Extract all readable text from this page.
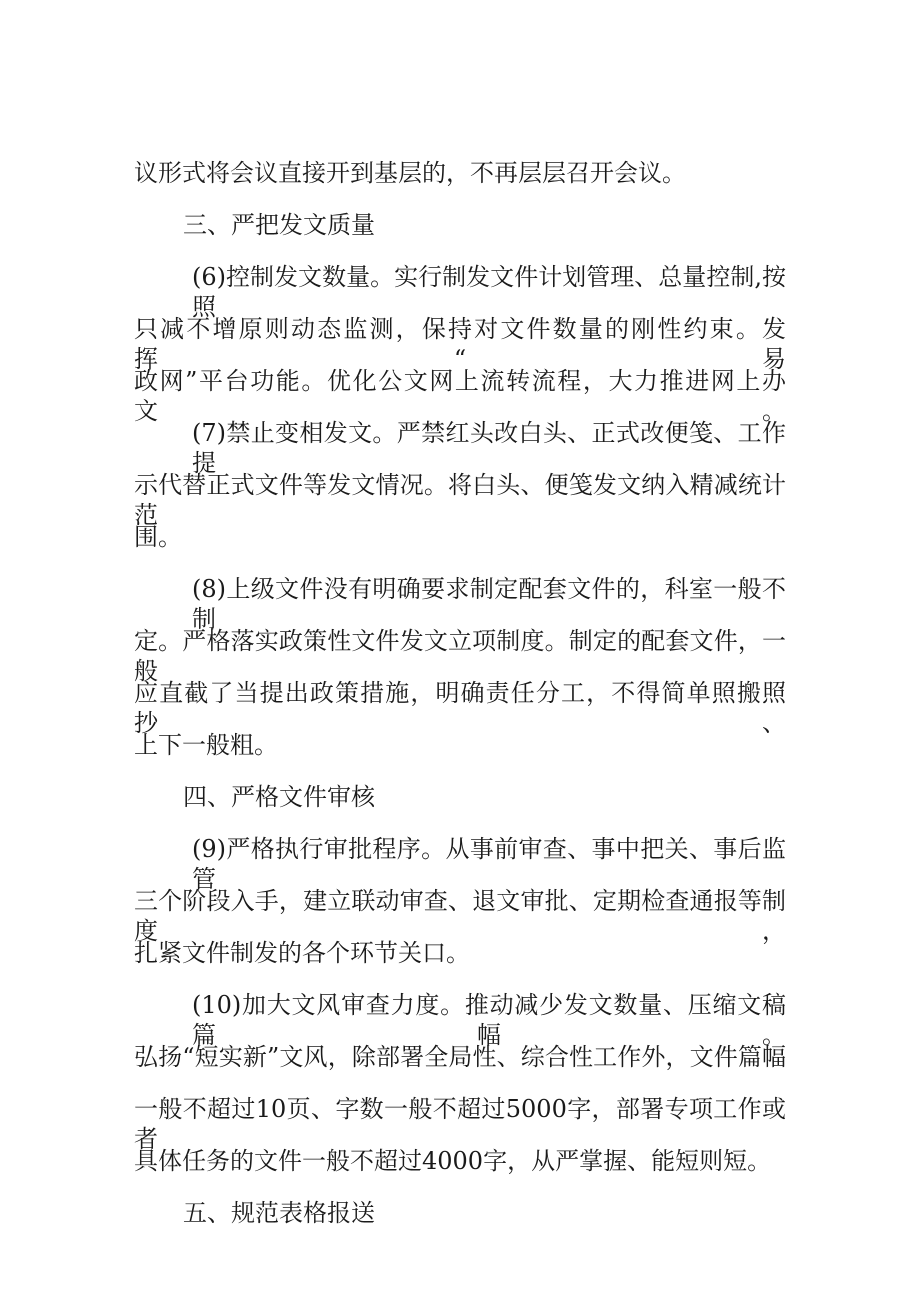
议形式将会议直接开到基层的，不再层层召开会议。

三、严把发文质量

(6)控制发文数量。实行制发文件计划管理、总量控制,按照

只减不增原则动态监测，保持对文件数量的刚性约束。发挥“易

政网”平台功能。优化公文网上流转流程，大力推进网上办文。

(7)禁止变相发文。严禁红头改白头、正式改便笺、工作提

示代替正式文件等发文情况。将白头、便笺发文纳入精减统计范

围。

(8)上级文件没有明确要求制定配套文件的，科室一般不制

定。严格落实政策性文件发文立项制度。制定的配套文件，一般

应直截了当提出政策措施，明确责任分工，不得简单照搬照抄、

上下一般粗。

四、严格文件审核

(9)严格执行审批程序。从事前审查、事中把关、事后监管

三个阶段入手，建立联动审查、退文审批、定期检查通报等制度，

扎紧文件制发的各个环节关口。

(10)加大文风审查力度。推动减少发文数量、压缩文稿篇幅。

弘扬“短实新”文风，除部署全局性、综合性工作外，文件篇幅

一般不超过10页、字数一般不超过5000字，部署专项工作或者

具体任务的文件一般不超过4000字，从严掌握、能短则短。

五、规范表格报送
